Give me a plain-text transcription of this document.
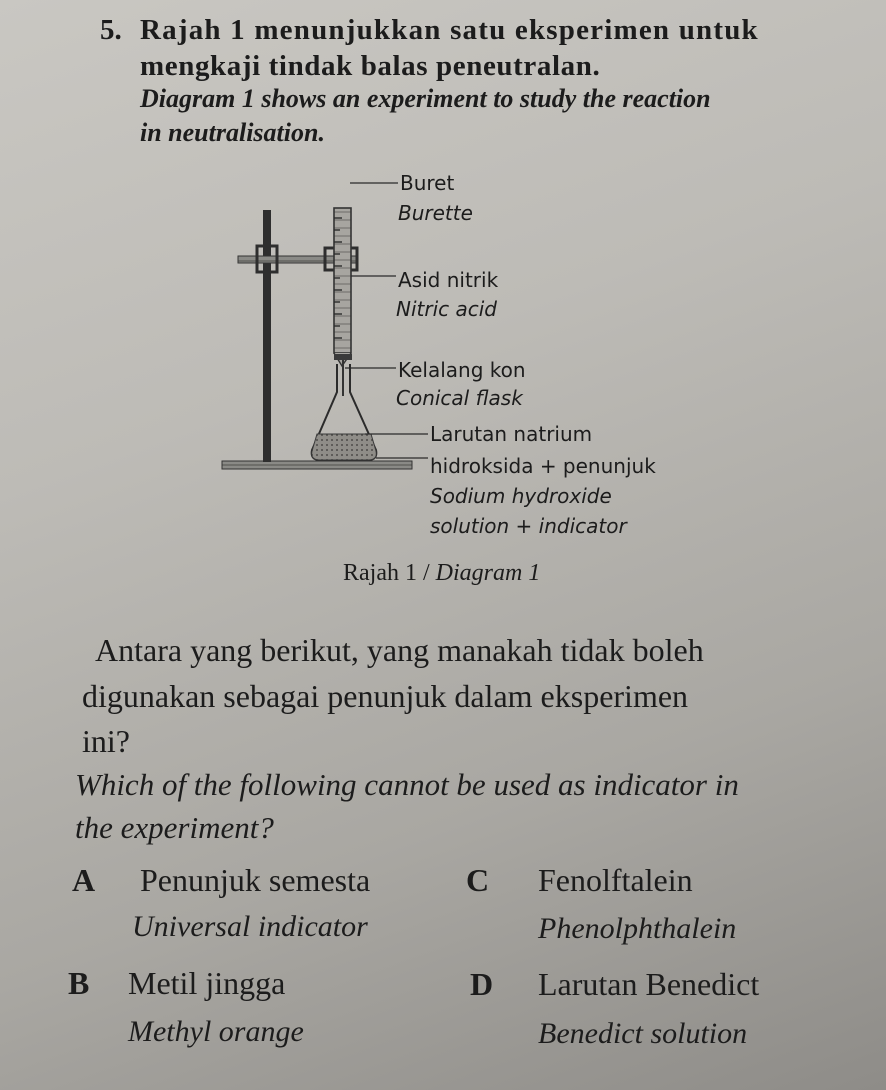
5. Rajah 1 menunjukkan satu eksperimen untuk
mengkaji tindak balas peneutralan.
Diagram 1 shows an experiment to study the reaction
in neutralisation.
Buret
Burette
Asid nitrik
Nitric acid
Kelalang kon
Conical flask
Larutan natrium
hidroksida + penunjuk
Sodium hydroxide
solution + indicator
Rajah 1 / Diagram 1
Antara yang berikut, yang manakah tidak boleh
digunakan sebagai penunjuk dalam eksperimen
ini?
Which of the following cannot be used as indicator in
the experiment?
A Penunjuk semesta
Universal indicator
C Fenolftalein
Phenolphthalein
B Metil jingga
Methyl orange
D Larutan Benedict
Benedict solution
